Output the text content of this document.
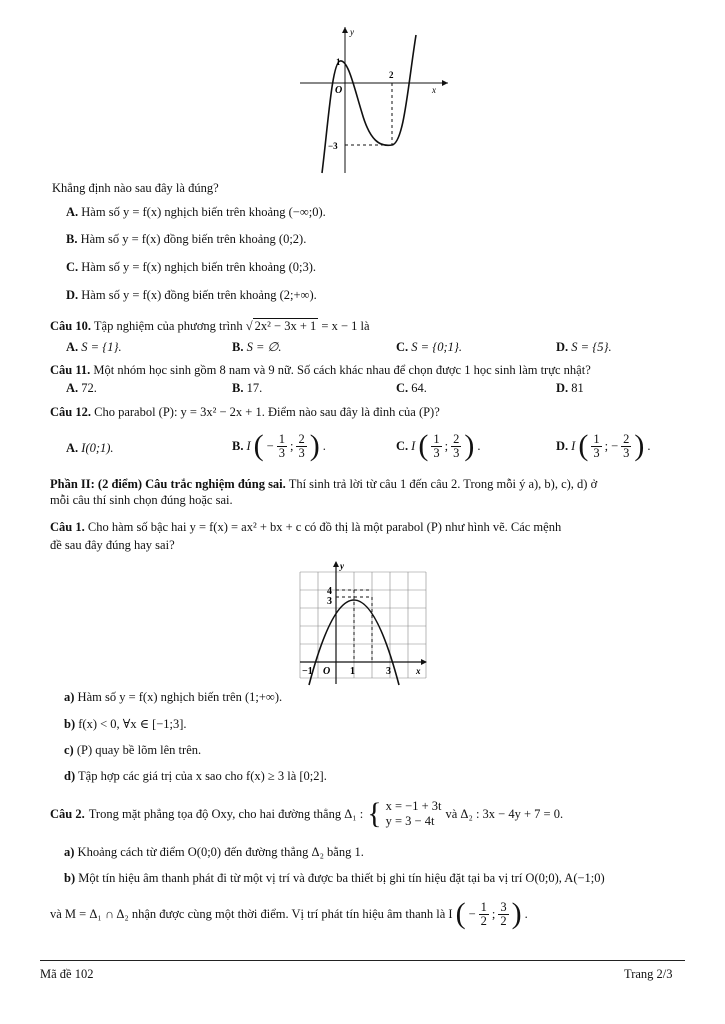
y
x
O
1
2
−3
Khẳng định nào sau đây là đúng?
A. Hàm số y = f(x) nghịch biến trên khoảng (−∞;0).
B. Hàm số y = f(x) đồng biến trên khoảng (0;2).
C. Hàm số y = f(x) nghịch biến trên khoảng (0;3).
D. Hàm số y = f(x) đồng biến trên khoảng (2;+∞).
Câu 10. Tập nghiệm của phương trình √ 2x² − 3x + 1 = x − 1 là
A. S = {1}.	B. S = ∅.	C. S = {0;1}.	D. S = {5}.
Câu 11. Một nhóm học sinh gồm 8 nam và 9 nữ. Số cách khác nhau để chọn được 1 học sinh làm trực nhật?
A. 72.	B. 17.	C. 64.	D. 81
Câu 12. Cho parabol (P): y = 3x² − 2x + 1. Điểm nào sau đây là đỉnh của (P)?
A. I(0;1).	B. I ( − $\frac{1}{3}$ ; 2
3 ) .	C. I ( 1
3 ; 2
3 ) .	D. I ( 1
3 ; − $\frac{2}{3}$ ) .
Phần II: (2 điểm) Câu trắc nghiệm đúng sai. Thí sinh trả lời từ câu 1 đến câu 2. Trong mỗi ý a), b), c), d) ở
mỗi câu thí sinh chọn đúng hoặc sai.
Câu 1. Cho hàm số bậc hai y = f(x) = ax² + bx + c có đồ thị là một parabol (P) như hình vẽ. Các mệnh
đề sau đây đúng hay sai?
y
4
3
−1 O 1	3	x
a) Hàm số y = f(x) nghịch biến trên (1;+∞).
b) f(x) < 0, ∀x ∈ [−1;3].
c) (P) quay bề lõm lên trên.
d) Tập hợp các giá trị của x sao cho f(x) ≥ 3 là [0;2].
Câu 2. Trong mặt phẳng tọa độ Oxy, cho hai đường thẳng Δ₁ : { x = −1 + 3t
y = 3 − 4t
và Δ₂ : 3x − 4y + 7 = 0.
a) Khoảng cách từ điểm O(0;0) đến đường thẳng Δ₂ bằng 1.
b) Một tín hiệu âm thanh phát đi từ một vị trí và được ba thiết bị ghi tín hiệu đặt tại ba vị trí O(0;0), A(−1;0)
và M = Δ₁ ∩ Δ₂ nhận được cùng một thời điểm. Vị trí phát tín hiệu âm thanh là I ( − $\frac{1}{2}$ ; 3
2 ) .
Mã đề 102	Trang 2/3
